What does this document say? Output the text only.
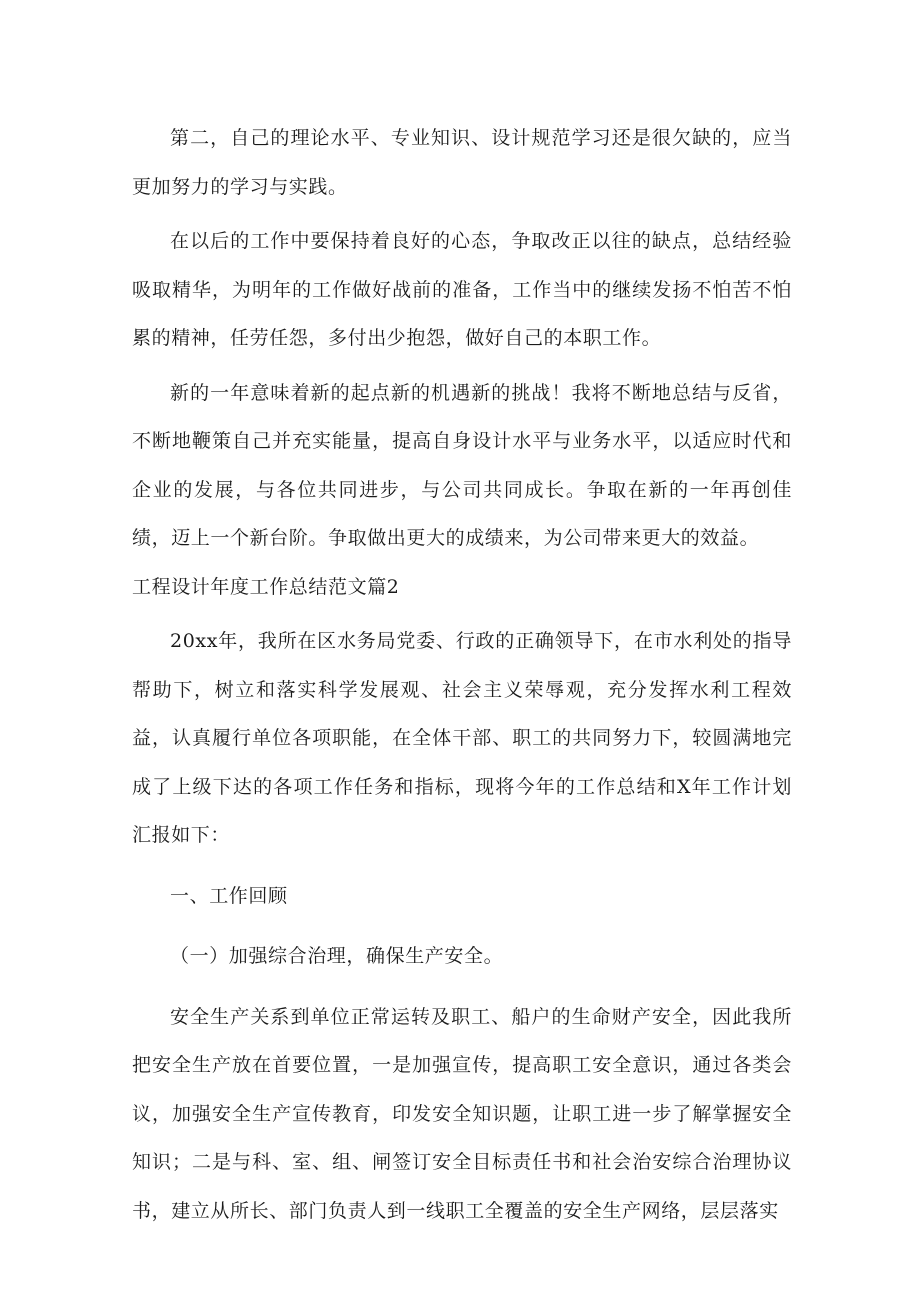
第二，自己的理论水平、专业知识、设计规范学习还是很欠缺的，应当更加努力的学习与实践。

在以后的工作中要保持着良好的心态，争取改正以往的缺点，总结经验吸取精华，为明年的工作做好战前的准备，工作当中的继续发扬不怕苦不怕累的精神，任劳任怨，多付出少抱怨，做好自己的本职工作。

新的一年意味着新的起点新的机遇新的挑战！我将不断地总结与反省，不断地鞭策自己并充实能量，提高自身设计水平与业务水平，以适应时代和企业的发展，与各位共同进步，与公司共同成长。争取在新的一年再创佳绩，迈上一个新台阶。争取做出更大的成绩来，为公司带来更大的效益。

工程设计年度工作总结范文篇2

20xx年，我所在区水务局党委、行政的正确领导下，在市水利处的指导帮助下，树立和落实科学发展观、社会主义荣辱观，充分发挥水利工程效益，认真履行单位各项职能，在全体干部、职工的共同努力下，较圆满地完成了上级下达的各项工作任务和指标，现将今年的工作总结和X年工作计划汇报如下：

一、工作回顾

（一）加强综合治理，确保生产安全。

安全生产关系到单位正常运转及职工、船户的生命财产安全，因此我所把安全生产放在首要位置，一是加强宣传，提高职工安全意识，通过各类会议，加强安全生产宣传教育，印发安全知识题，让职工进一步了解掌握安全知识；二是与科、室、组、闸签订安全目标责任书和社会治安综合治理协议书，建立从所长、部门负责人到一线职工全覆盖的安全生产网络，层层落实
